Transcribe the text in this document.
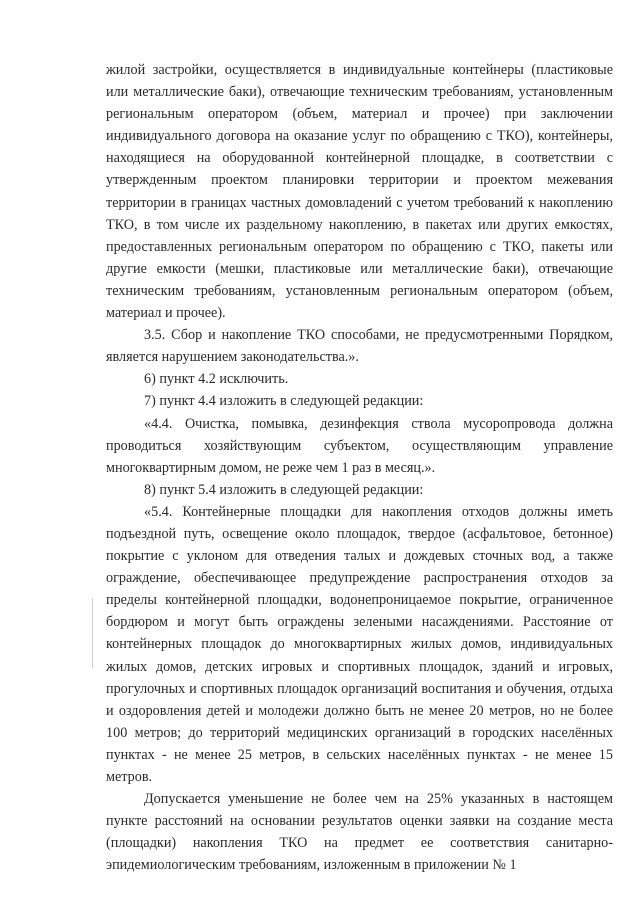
жилой застройки, осуществляется в индивидуальные контейнеры (пластиковые или металлические баки), отвечающие техническим требованиям, установленным региональным оператором (объем, материал и прочее) при заключении индивидуального договора на оказание услуг по обращению с ТКО), контейнеры, находящиеся на оборудованной контейнерной площадке, в соответствии с утвержденным проектом планировки территории и проектом межевания территории в границах частных домовладений с учетом требований к накоплению ТКО, в том числе их раздельному накоплению, в пакетах или других емкостях, предоставленных региональным оператором по обращению с ТКО, пакеты или другие емкости (мешки, пластиковые или металлические баки), отвечающие техническим требованиям, установленным региональным оператором (объем, материал и прочее).

3.5. Сбор и накопление ТКО способами, не предусмотренными Порядком, является нарушением законодательства.».

6) пункт 4.2 исключить.

7) пункт 4.4 изложить в следующей редакции:

«4.4. Очистка, помывка, дезинфекция ствола мусоропровода должна проводиться хозяйствующим субъектом, осуществляющим управление многоквартирным домом, не реже чем 1 раз в месяц.».

8) пункт 5.4 изложить в следующей редакции:

«5.4. Контейнерные площадки для накопления отходов должны иметь подъездной путь, освещение около площадок, твердое (асфальтовое, бетонное) покрытие с уклоном для отведения талых и дождевых сточных вод, а также ограждение, обеспечивающее предупреждение распространения отходов за пределы контейнерной площадки, водонепроницаемое покрытие, ограниченное бордюром и могут быть ограждены зелеными насаждениями. Расстояние от контейнерных площадок до многоквартирных жилых домов, индивидуальных жилых домов, детских игровых и спортивных площадок, зданий и игровых, прогулочных и спортивных площадок организаций воспитания и обучения, отдыха и оздоровления детей и молодежи должно быть не менее 20 метров, но не более 100 метров; до территорий медицинских организаций в городских населённых пунктах - не менее 25 метров, в сельских населённых пунктах - не менее 15 метров.

Допускается уменьшение не более чем на 25% указанных в настоящем пункте расстояний на основании результатов оценки заявки на создание места (площадки) накопления ТКО на предмет ее соответствия санитарно-эпидемиологическим требованиям, изложенным в приложении № 1
